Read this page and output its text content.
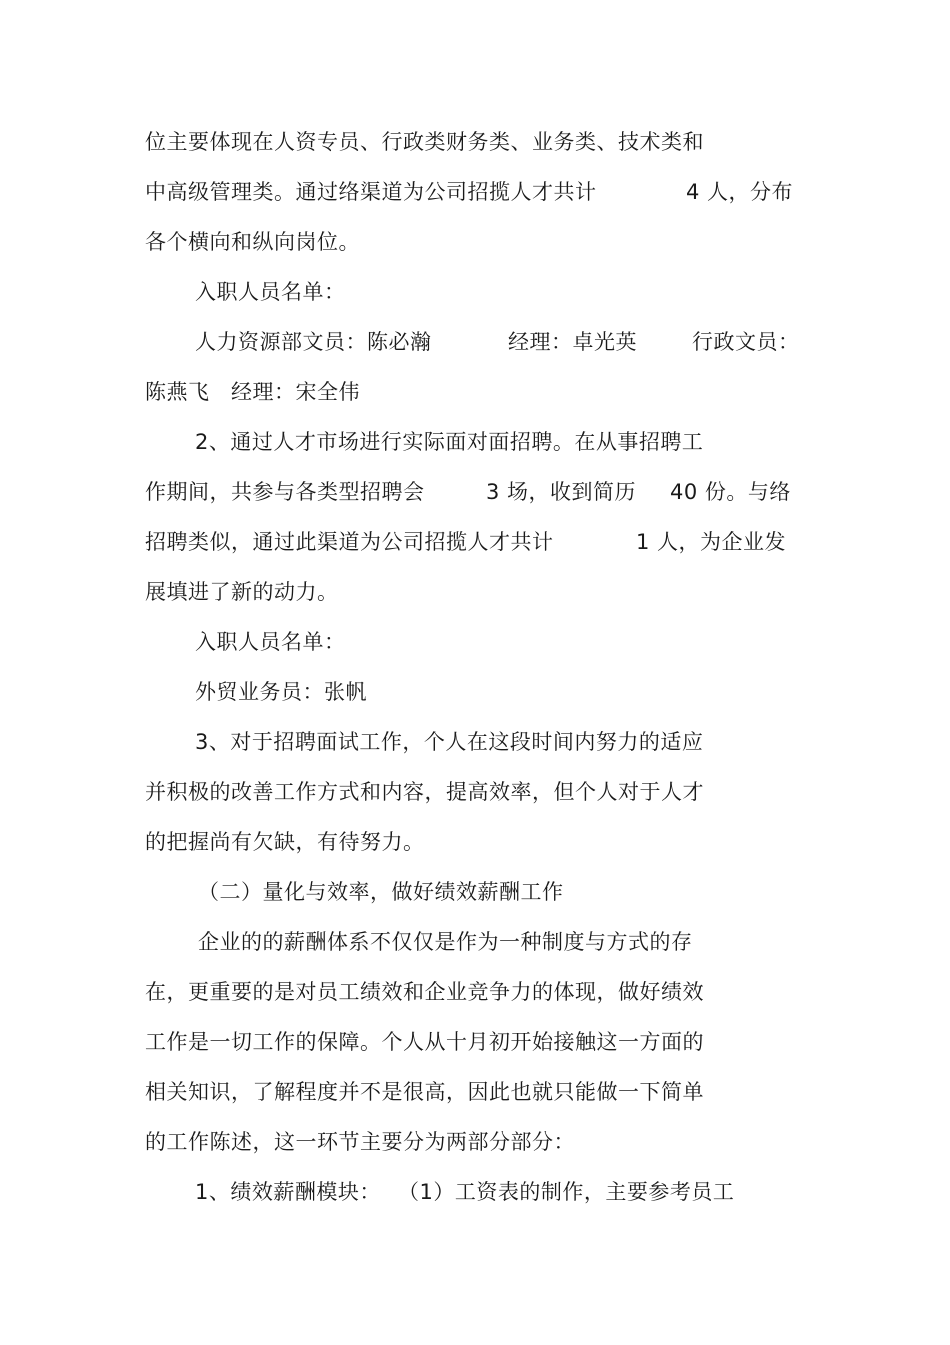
位主要体现在人资专员、行政类财务类、业务类、技术类和
中高级管理类。通过络渠道为公司招揽人才共计	4 人，分布
各个横向和纵向岗位。
入职人员名单：
人力资源部文员：陈必瀚	经理：卓光英	行政文员：
陈燕飞 经理：宋全伟
2、通过人才市场进行实际面对面招聘。在从事招聘工
作期间，共参与各类型招聘会	3 场，收到简历 40 份。与络
招聘类似，通过此渠道为公司招揽人才共计	1 人，为企业发
展填进了新的动力。
入职人员名单：
外贸业务员：张帆
3、对于招聘面试工作，个人在这段时间内努力的适应
并积极的改善工作方式和内容，提高效率，但个人对于人才
的把握尚有欠缺，有待努力。
（二）量化与效率，做好绩效薪酬工作
企业的的薪酬体系不仅仅是作为一种制度与方式的存
在，更重要的是对员工绩效和企业竞争力的体现，做好绩效
工作是一切工作的保障。个人从十月初开始接触这一方面的
相关知识，了解程度并不是很高，因此也就只能做一下简单
的工作陈述，这一环节主要分为两部分部分：
1、绩效薪酬模块： （1）工资表的制作，主要参考员工
